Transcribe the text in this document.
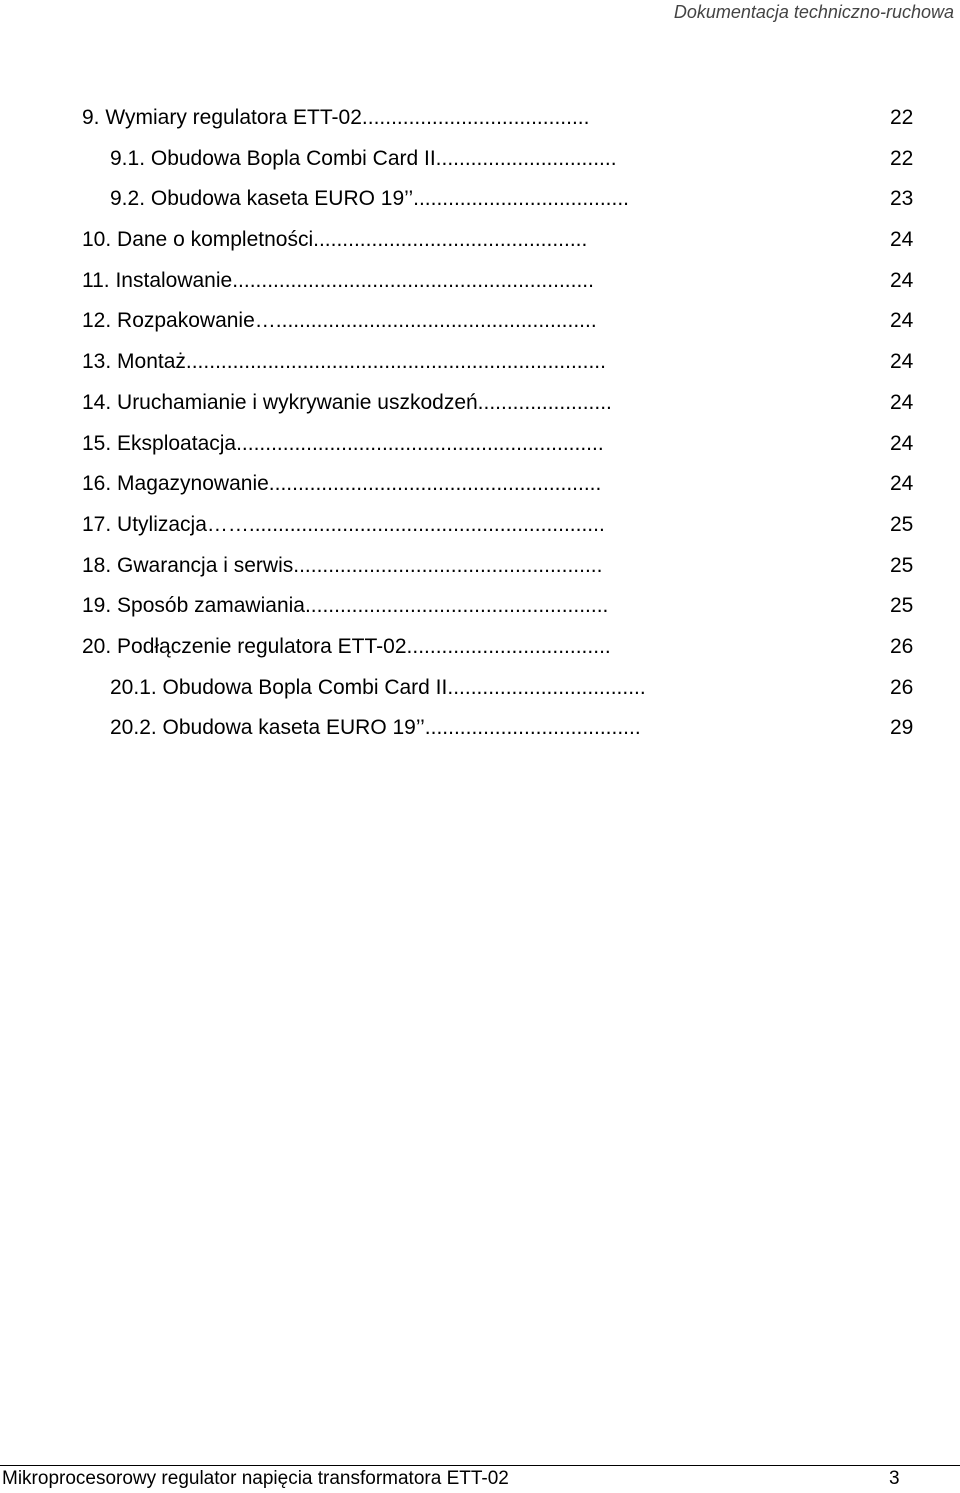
Dokumentacja techniczno-ruchowa
9. Wymiary regulatora ETT-02.......................................	22
9.1. Obudowa Bopla Combi Card II...............................	22
9.2. Obudowa kaseta EURO 19’’.....................................	23
10. Dane o kompletności...............................................	24
11. Instalowanie..............................................................	24
12. Rozpakowanie….......................................................	24
13. Montaż........................................................................	24
14. Uruchamianie i wykrywanie uszkodzeń.......................	24
15. Eksploatacja...............................................................	24
16. Magazynowanie.........................................................	24
17. Utylizacja…….............................................................	25
18. Gwarancja i serwis.....................................................	25
19. Sposób zamawiania....................................................	25
20. Podłączenie regulatora ETT-02...................................	26
20.1. Obudowa Bopla Combi Card II..................................	26
20.2. Obudowa kaseta EURO 19’’.....................................	29
Mikroprocesorowy regulator napięcia transformatora ETT-02	3
